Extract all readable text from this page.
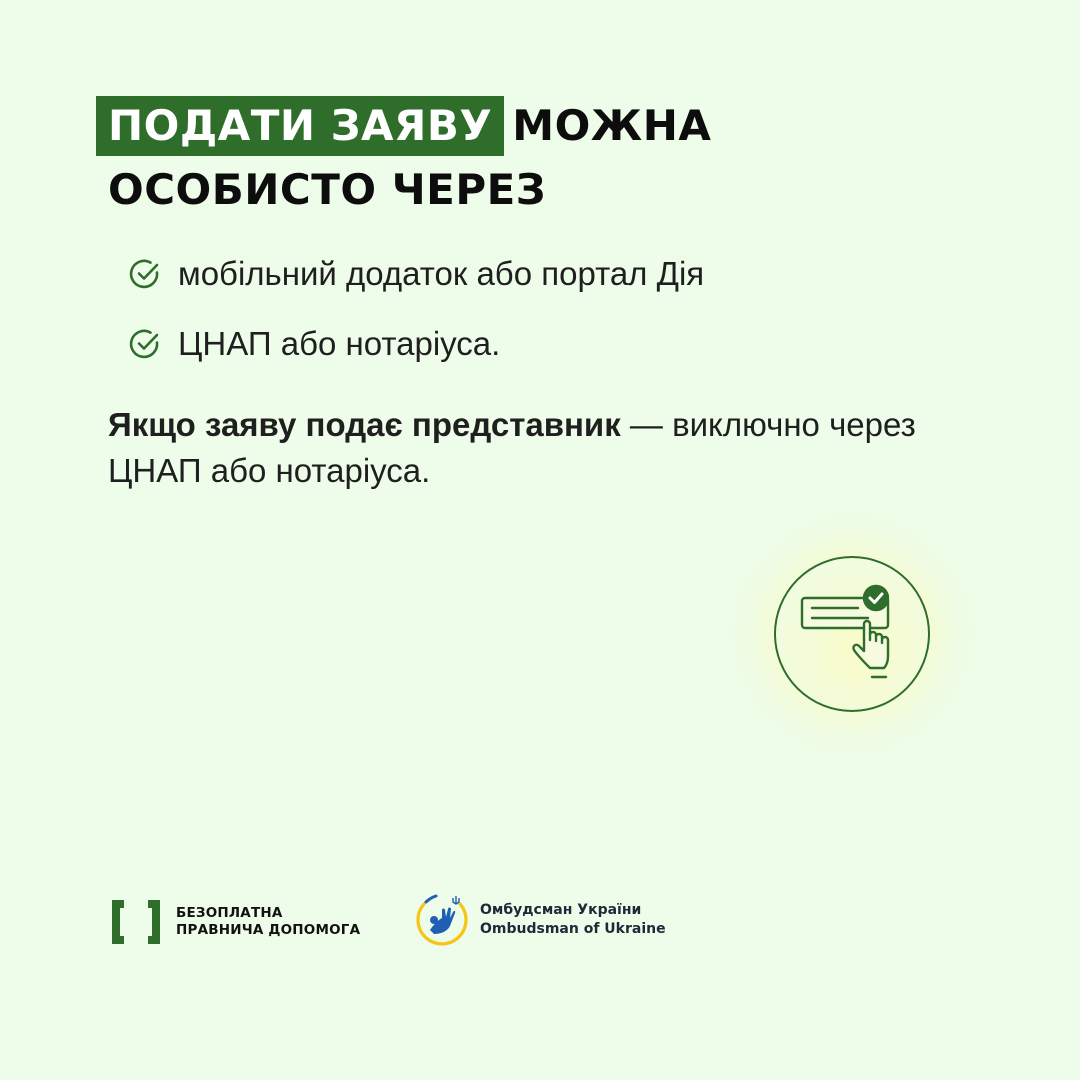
ПОДАТИ ЗАЯВУ МОЖНА
ОСОБИСТО ЧЕРЕЗ
мобільний додаток або портал Дія
ЦНАП або нотаріуса.
Якщо заяву подає представник — виключно через ЦНАП або нотаріуса.
БЕЗОПЛАТНА
ПРАВНИЧА ДОПОМОГА
Омбудсман України
Ombudsman of Ukraine
